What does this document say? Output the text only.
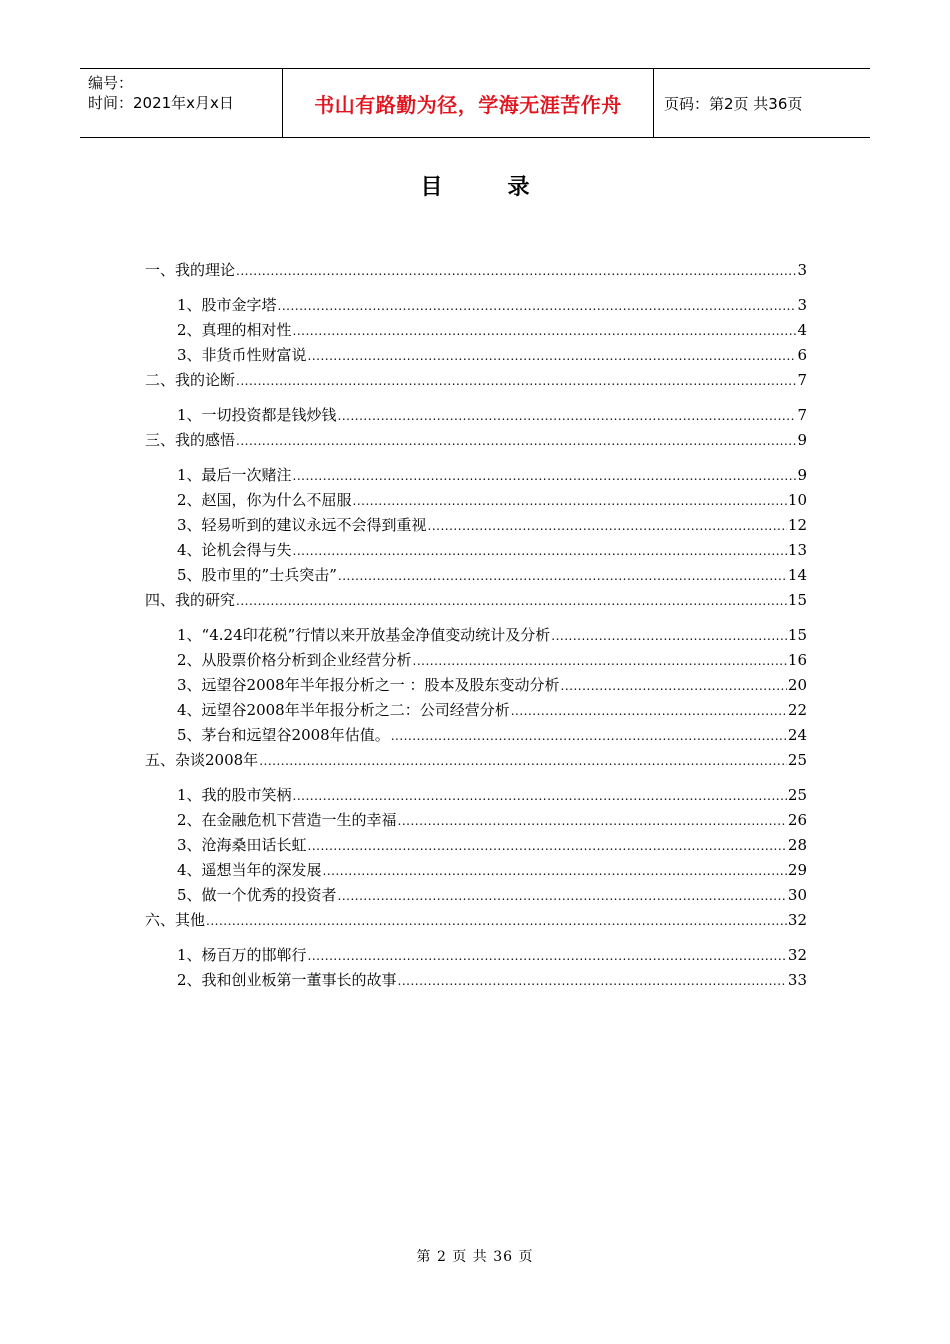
编号：
时间：2021年x月x日	书山有路勤为径，学海无涯苦作舟	页码：第2页 共36页
目	录
一、我的理论 .....	3
1、股市金字塔 .....	3
2、真理的相对性 .....	4
3、非货币性财富说 .....	6
二、我的论断 .....	7
1、一切投资都是钱炒钱 .....	7
三、我的感悟 .....	9
1、最后一次赌注 .....	9
2、赵国，你为什么不屈服 .....	10
3、轻易听到的建议永远不会得到重视 .....	12
4、论机会得与失 .....	13
5、股市里的”士兵突击” .....	14
四、我的研究 .....	15
1、“4.24印花税”行情以来开放基金净值变动统计及分析 .....	15
2、从股票价格分析到企业经营分析 .....	16
3、远望谷2008年半年报分析之一 ：股本及股东变动分析 .....	20
4、远望谷2008年半年报分析之二：公司经营分析 .....	22
5、茅台和远望谷2008年估值。 .....	24
五、杂谈2008年 .....	25
1、我的股市笑柄 .....	25
2、在金融危机下营造一生的幸福 .....	26
3、沧海桑田话长虹 .....	28
4、遥想当年的深发展 .....	29
5、做一个优秀的投资者 .....	30
六、其他 .....	32
1、杨百万的邯郸行 .....	32
2、我和创业板第一董事长的故事 .....	33
第 2 页 共 36 页
